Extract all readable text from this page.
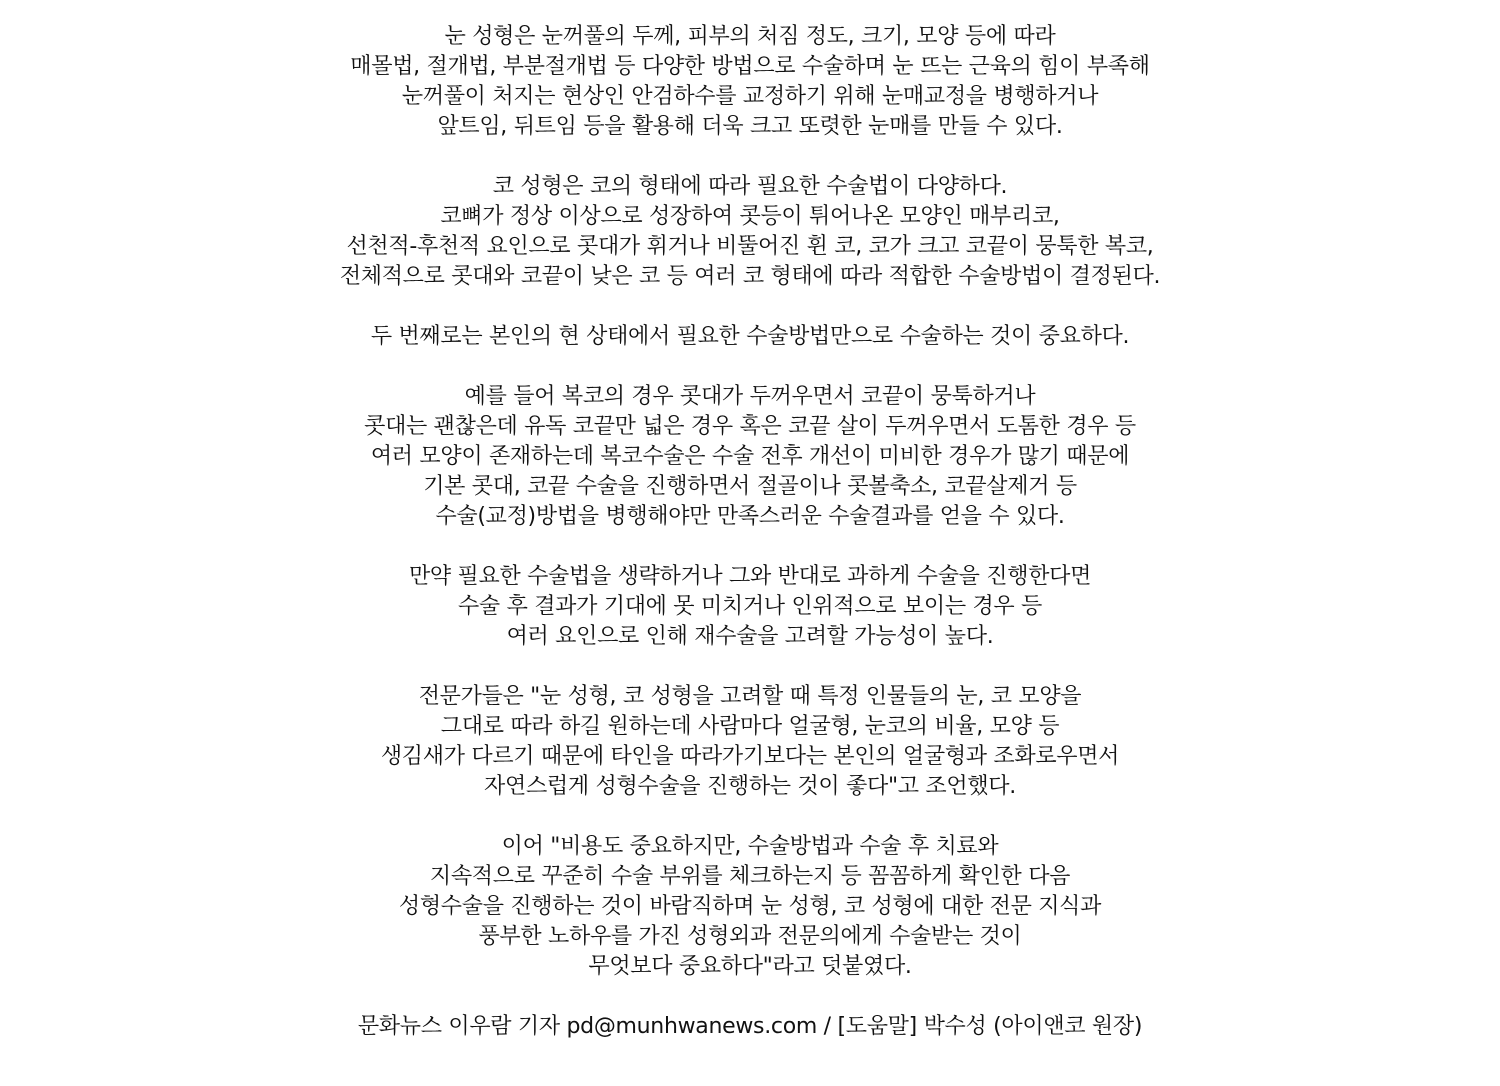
눈 성형은 눈꺼풀의 두께, 피부의 처짐 정도, 크기, 모양 등에 따라
매몰법, 절개법, 부분절개법 등 다양한 방법으로 수술하며 눈 뜨는 근육의 힘이 부족해
눈꺼풀이 처지는 현상인 안검하수를 교정하기 위해 눈매교정을 병행하거나
앞트임, 뒤트임 등을 활용해 더욱 크고 또렷한 눈매를 만들 수 있다.
코 성형은 코의 형태에 따라 필요한 수술법이 다양하다.
코뼈가 정상 이상으로 성장하여 콧등이 튀어나온 모양인 매부리코,
선천적-후천적 요인으로 콧대가 휘거나 비뚤어진 휜 코, 코가 크고 코끝이 뭉툭한 복코,
전체적으로 콧대와 코끝이 낮은 코 등 여러 코 형태에 따라 적합한 수술방법이 결정된다.
두 번째로는 본인의 현 상태에서 필요한 수술방법만으로 수술하는 것이 중요하다.
예를 들어 복코의 경우 콧대가 두꺼우면서 코끝이 뭉툭하거나
콧대는 괜찮은데 유독 코끝만 넓은 경우 혹은 코끝 살이 두꺼우면서 도톰한 경우 등
여러 모양이 존재하는데 복코수술은 수술 전후 개선이 미비한 경우가 많기 때문에
기본 콧대, 코끝 수술을 진행하면서 절골이나 콧볼축소, 코끝살제거 등
수술(교정)방법을 병행해야만 만족스러운 수술결과를 얻을 수 있다.
만약 필요한 수술법을 생략하거나 그와 반대로 과하게 수술을 진행한다면
수술 후 결과가 기대에 못 미치거나 인위적으로 보이는 경우 등
여러 요인으로 인해 재수술을 고려할 가능성이 높다.
전문가들은 "눈 성형, 코 성형을 고려할 때 특정 인물들의 눈, 코 모양을
그대로 따라 하길 원하는데 사람마다 얼굴형, 눈코의 비율, 모양 등
생김새가 다르기 때문에 타인을 따라가기보다는 본인의 얼굴형과 조화로우면서
자연스럽게 성형수술을 진행하는 것이 좋다"고 조언했다.
이어 "비용도 중요하지만, 수술방법과 수술 후 치료와
지속적으로 꾸준히 수술 부위를 체크하는지 등 꼼꼼하게 확인한 다음
성형수술을 진행하는 것이 바람직하며 눈 성형, 코 성형에 대한 전문 지식과
풍부한 노하우를 가진 성형외과 전문의에게 수술받는 것이
무엇보다 중요하다"라고 덧붙였다.
문화뉴스 이우람 기자 pd@munhwanews.com / [도움말] 박수성 (아이앤코 원장)
